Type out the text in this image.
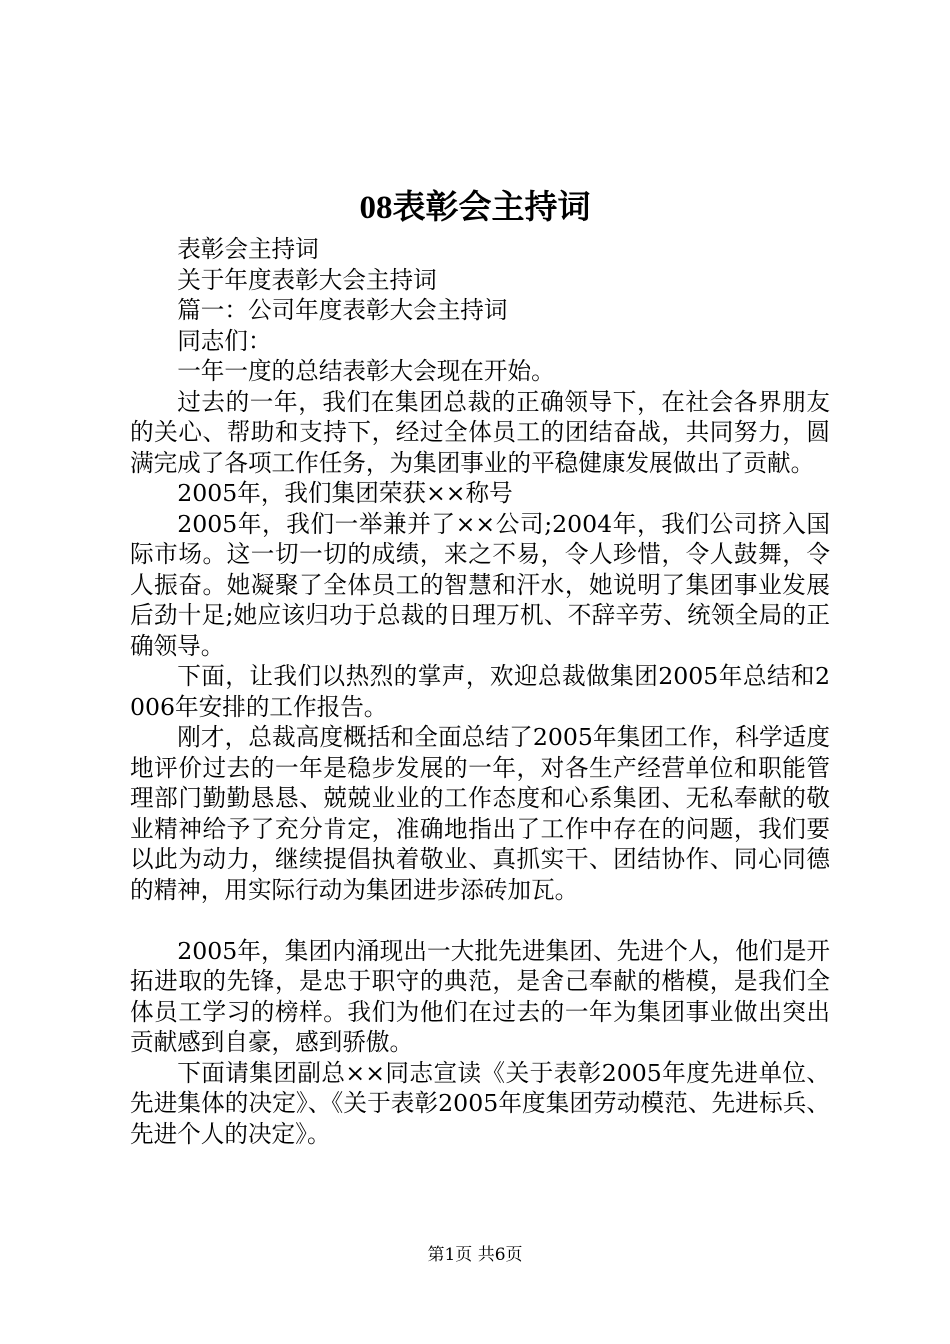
08表彰会主持词

表彰会主持词

关于年度表彰大会主持词

篇一：公司年度表彰大会主持词

同志们：

一年一度的总结表彰大会现在开始。

过去的一年，我们在集团总裁的正确领导下，在社会各界朋友的关心、帮助和支持下，经过全体员工的团结奋战，共同努力，圆满完成了各项工作任务，为集团事业的平稳健康发展做出了贡献。

2005年，我们集团荣获××称号

2005年，我们一举兼并了××公司;2004年，我们公司挤入国际市场。这一切一切的成绩，来之不易，令人珍惜，令人鼓舞，令人振奋。她凝聚了全体员工的智慧和汗水，她说明了集团事业发展后劲十足;她应该归功于总裁的日理万机、不辞辛劳、统领全局的正确领导。

下面，让我们以热烈的掌声，欢迎总裁做集团2005年总结和2006年安排的工作报告。

刚才，总裁高度概括和全面总结了2005年集团工作，科学适度地评价过去的一年是稳步发展的一年，对各生产经营单位和职能管理部门勤勤恳恳、兢兢业业的工作态度和心系集团、无私奉献的敬业精神给予了充分肯定，准确地指出了工作中存在的问题，我们要以此为动力，继续提倡执着敬业、真抓实干、团结协作、同心同德的精神，用实际行动为集团进步添砖加瓦。

2005年，集团内涌现出一大批先进集团、先进个人，他们是开拓进取的先锋，是忠于职守的典范，是舍己奉献的楷模，是我们全体员工学习的榜样。我们为他们在过去的一年为集团事业做出突出贡献感到自豪，感到骄傲。

下面请集团副总××同志宣读《关于表彰2005年度先进单位、先进集体的决定》、《关于表彰2005年度集团劳动模范、先进标兵、先进个人的决定》。

第1页 共6页
